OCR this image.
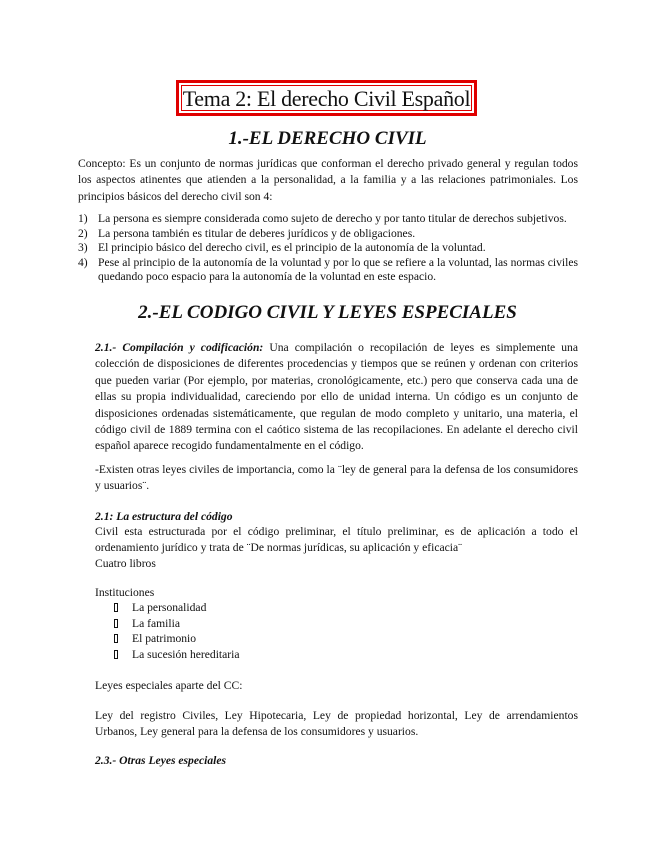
Tema 2: El derecho Civil Español
1.-EL DERECHO CIVIL
Concepto: Es un conjunto de normas jurídicas que conforman el derecho privado general y regulan todos los aspectos atinentes que atienden a la personalidad, a la familia y a las relaciones patrimoniales. Los principios básicos del derecho civil son 4:
1) La persona es siempre considerada como sujeto de derecho y por tanto titular de derechos subjetivos.
2) La persona también es titular de deberes jurídicos y de obligaciones.
3) El principio básico del derecho civil, es el principio de la autonomía de la voluntad.
4) Pese al principio de la autonomía de la voluntad y por lo que se refiere a la voluntad, las normas civiles quedando poco espacio para la autonomía de la voluntad en este espacio.
2.-EL CODIGO CIVIL Y LEYES ESPECIALES
2.1.- Compilación y codificación: Una compilación o recopilación de leyes es simplemente una colección de disposiciones de diferentes procedencias y tiempos que se reúnen y ordenan con criterios que pueden variar (Por ejemplo, por materias, cronológicamente, etc.) pero que conserva cada una de ellas su propia individualidad, careciendo por ello de unidad interna. Un código es un conjunto de disposiciones ordenadas sistemáticamente, que regulan de modo completo y unitario, una materia, el código civil de 1889 termina con el caótico sistema de las recopilaciones. En adelante el derecho civil español aparece recogido fundamentalmente en el código.
-Existen otras leyes civiles de importancia, como la ¨ley de general para la defensa de los consumidores y usuarios¨.
2.1: La estructura del código
Civil esta estructurada por el código preliminar, el título preliminar, es de aplicación a todo el ordenamiento jurídico y trata de ¨De normas jurídicas, su aplicación y eficacia¨
Cuatro libros
Instituciones
La personalidad
La familia
El patrimonio
La sucesión hereditaria
Leyes especiales aparte del CC:
Ley del registro Civiles, Ley Hipotecaria, Ley de propiedad horizontal, Ley de arrendamientos Urbanos, Ley general para la defensa de los consumidores y usuarios.
2.3.- Otras Leyes especiales
